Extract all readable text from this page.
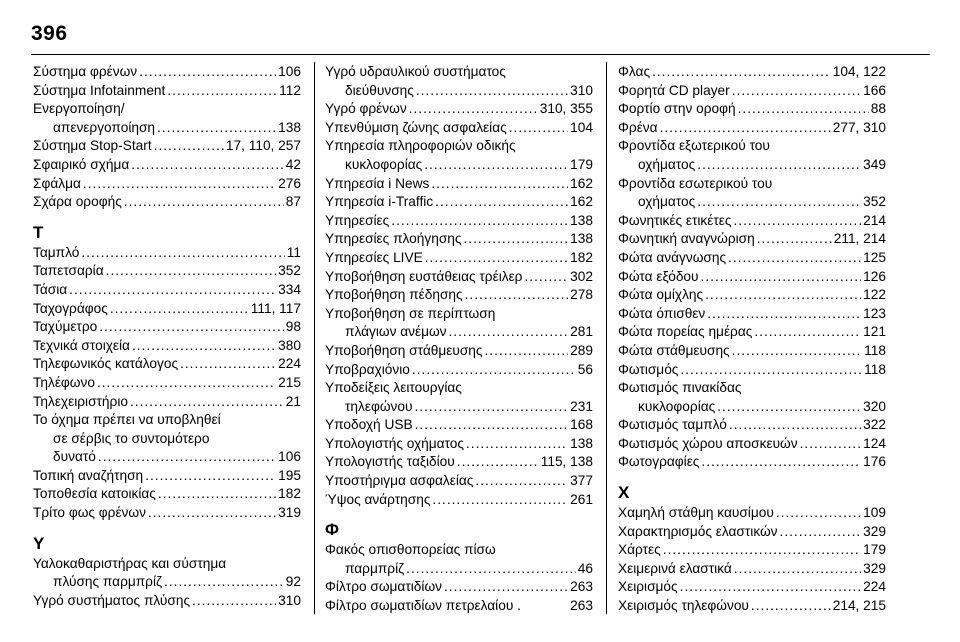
396
Σύστημα φρένων .....	106
Σύστημα Infotainment .....	112
Ενεργοποίηση/
απενεργοποίηση .....	138
Σύστημα Stop-Start .....	17, 110, 257
Σφαιρικό σχήμα .....	42
Σφάλμα .....	276
Σχάρα οροφής .....	87
Τ
Ταμπλό .....	11
Ταπετσαρία .....	352
Τάσια .....	334
Ταχογράφος .....	111, 117
Ταχύμετρο .....	98
Τεχνικά στοιχεία .....	380
Τηλεφωνικός κατάλογος .....	224
Τηλέφωνο .....	215
Τηλεχειριστήριο .....	21
Το όχημα πρέπει να υποβληθεί
σε σέρβις το συντομότερο
δυνατό .....	106
Τοπική αναζήτηση .....	195
Τοποθεσία κατοικίας .....	182
Τρίτο φως φρένων .....	319
Υ
Υαλοκαθαριστήρας και σύστημα
πλύσης παρμπρίζ .....	92
Υγρό συστήματος πλύσης .....	310
Υγρό υδραυλικού συστήματος
διεύθυνσης .....	310
Υγρό φρένων .....	310, 355
Υπενθύμιση ζώνης ασφαλείας .....	104
Υπηρεσία πληροφοριών οδικής
κυκλοφορίας .....	179
Υπηρεσία i News .....	162
Υπηρεσία i-Traffic .....	162
Υπηρεσίες .....	138
Υπηρεσίες πλοήγησης .....	138
Υπηρεσίες LIVE .....	182
Υποβοήθηση ευστάθειας τρέιλερ .....	302
Υποβοήθηση πέδησης .....	278
Υποβοήθηση σε περίπτωση
πλάγιων ανέμων .....	281
Υποβοήθηση στάθμευσης .....	289
Υποβραχιόνιο .....	56
Υποδείξεις λειτουργίας
τηλεφώνου .....	231
Υποδοχή USB .....	168
Υπολογιστής οχήματος .....	138
Υπολογιστής ταξιδίου .....	115, 138
Υποστήριγμα ασφαλείας .....	377
Ύψος ανάρτησης .....	261
Φ
Φακός οπισθοπορείας πίσω
παρμπρίζ .....	46
Φίλτρο σωματιδίων .....	263
Φίλτρο σωματιδίων πετρελαίου .	263
Φλας .....	104, 122
Φορητά CD player .....	166
Φορτίο στην οροφή .....	88
Φρένα .....	277, 310
Φροντίδα εξωτερικού του
οχήματος .....	349
Φροντίδα εσωτερικού του
οχήματος .....	352
Φωνητικές ετικέτες .....	214
Φωνητική αναγνώριση .....	211, 214
Φώτα ανάγνωσης .....	125
Φώτα εξόδου .....	126
Φώτα ομίχλης .....	122
Φώτα όπισθεν .....	123
Φώτα πορείας ημέρας .....	121
Φώτα στάθμευσης .....	118
Φωτισμός .....	118
Φωτισμός πινακίδας
κυκλοφορίας .....	320
Φωτισμός ταμπλό .....	322
Φωτισμός χώρου αποσκευών .....	124
Φωτογραφίες .....	176
Χ
Χαμηλή στάθμη καυσίμου .....	109
Χαρακτηρισμός ελαστικών .....	329
Χάρτες .....	179
Χειμερινά ελαστικά .....	329
Χειρισμός .....	224
Χειρισμός τηλεφώνου .....	214, 215
